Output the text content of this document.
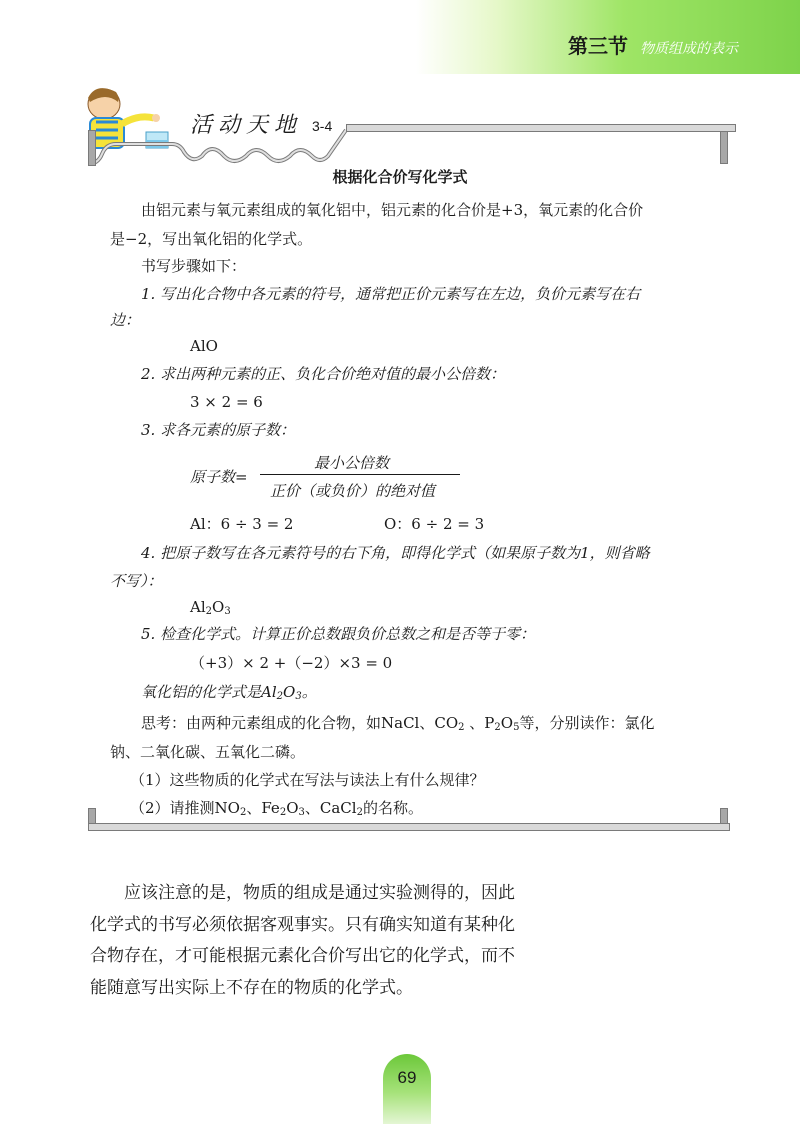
第三节 物质组成的表示
活动天地 3-4
根据化合价写化学式
由铝元素与氧元素组成的氧化铝中，铝元素的化合价是+3，氧元素的化合价
是−2，写出氧化铝的化学式。
书写步骤如下：
1. 写出化合物中各元素的符号，通常把正价元素写在左边，负价元素写在右
边：
AlO
2. 求出两种元素的正、负化合价绝对值的最小公倍数：
3 × 2 = 6
3. 求各元素的原子数：
原子数=
最小公倍数
正价（或负价）的绝对值
Al：6 ÷ 3 = 2	O：6 ÷ 2 = 3
4. 把原子数写在各元素符号的右下角，即得化学式（如果原子数为1，则省略
不写）：
$Al_2O_3$
5. 检查化学式。计算正价总数跟负价总数之和是否等于零：
（+3）× 2 +（−2）×3 = 0
氧化铝的化学式是$Al_2O_3$。
思考：由两种元素组成的化合物，如NaCl、$CO_2$ 、$P_2O_5$等，分别读作：氯化
钠、二氧化碳、五氧化二磷。
（1）这些物质的化学式在写法与读法上有什么规律？
（2）请推测$NO_2$、$Fe_2O_3$、CaCl$_2$的名称。
应该注意的是，物质的组成是通过实验测得的，因此化学式的书写必须依据客观事实。只有确实知道有某种化合物存在，才可能根据元素化合价写出它的化学式，而不能随意写出实际上不存在的物质的化学式。
69
